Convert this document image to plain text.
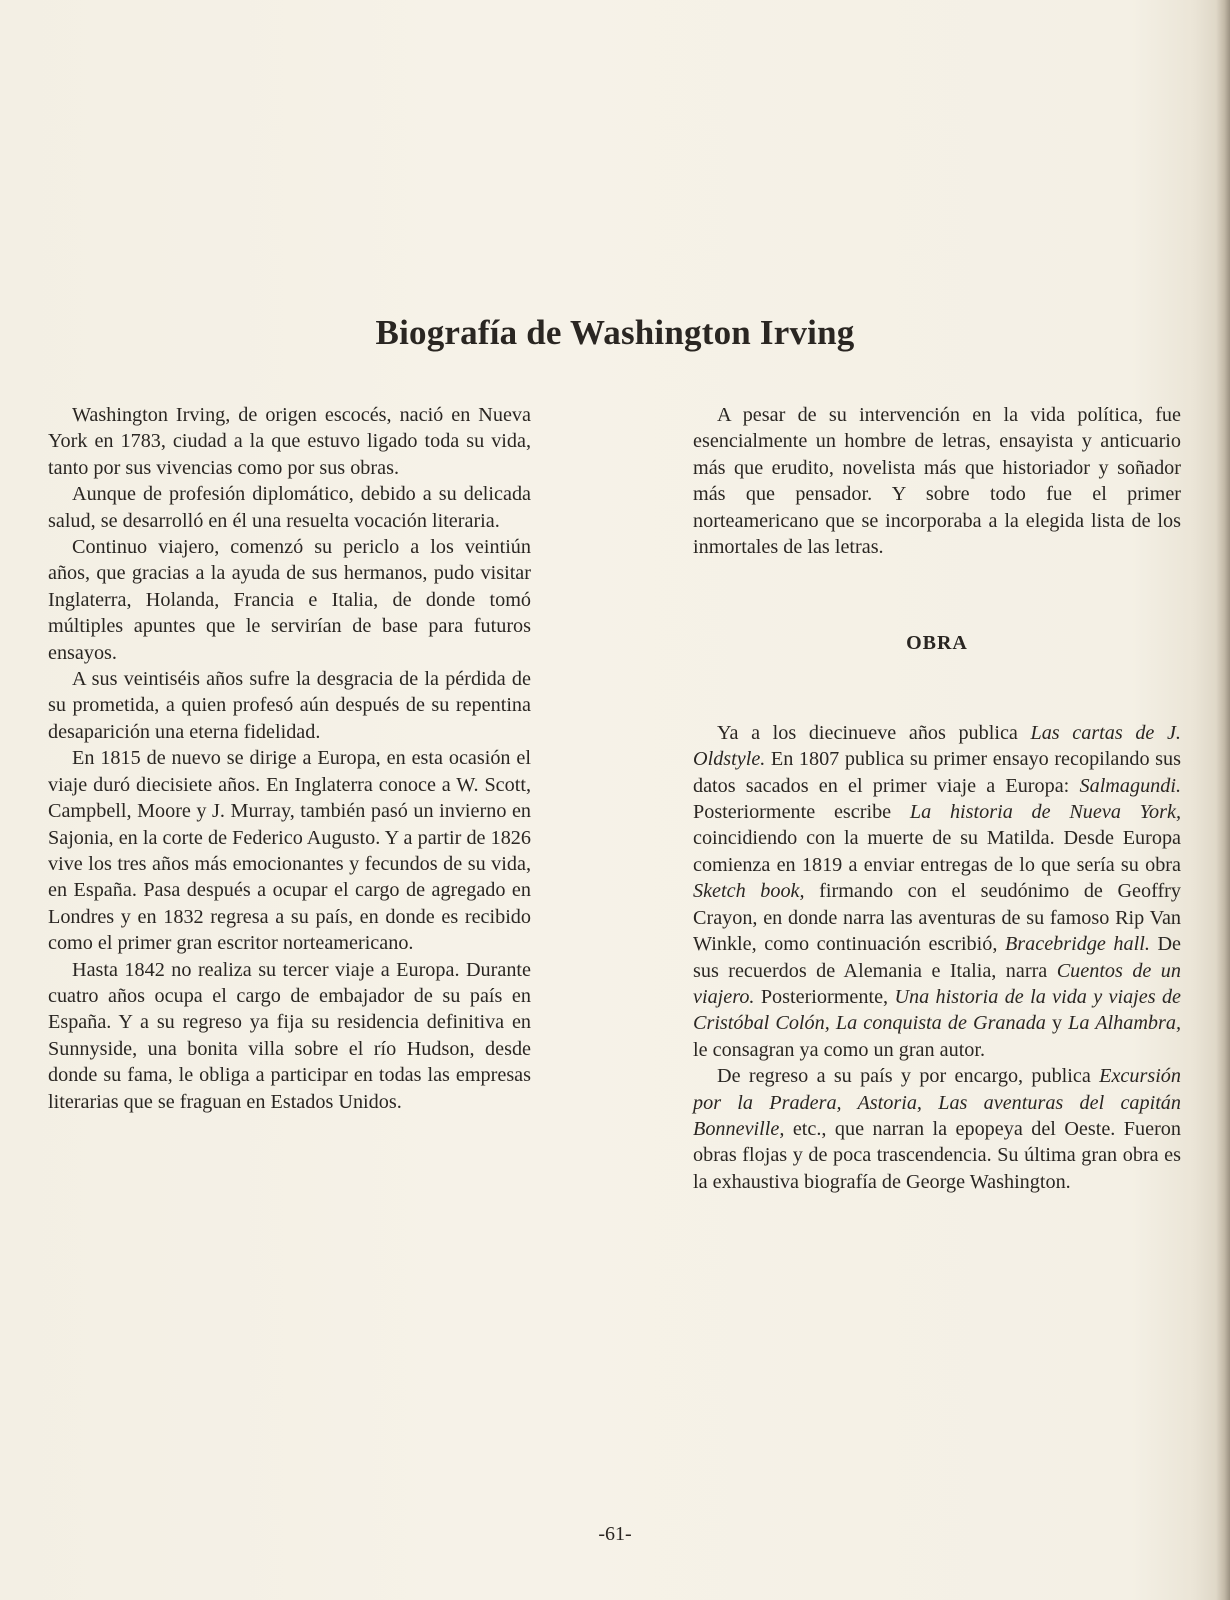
Biografía de Washington Irving

Washington Irving, de origen escocés, nació en Nueva York en 1783, ciudad a la que estuvo ligado toda su vida, tanto por sus vivencias como por sus obras.

Aunque de profesión diplomático, debido a su delicada salud, se desarrolló en él una resuelta vocación literaria.

Continuo viajero, comenzó su periclo a los veintiún años, que gracias a la ayuda de sus hermanos, pudo visitar Inglaterra, Holanda, Francia e Italia, de donde tomó múltiples apuntes que le servirían de base para futuros ensayos.

A sus veintiséis años sufre la desgracia de la pérdida de su prometida, a quien profesó aún después de su repentina desaparición una eterna fidelidad.

En 1815 de nuevo se dirige a Europa, en esta ocasión el viaje duró diecisiete años. En Inglaterra conoce a W. Scott, Campbell, Moore y J. Murray, también pasó un invierno en Sajonia, en la corte de Federico Augusto. Y a partir de 1826 vive los tres años más emocionantes y fecundos de su vida, en España. Pasa después a ocupar el cargo de agregado en Londres y en 1832 regresa a su país, en donde es recibido como el primer gran escritor norteamericano.

Hasta 1842 no realiza su tercer viaje a Europa. Durante cuatro años ocupa el cargo de embajador de su país en España. Y a su regreso ya fija su residencia definitiva en Sunnyside, una bonita villa sobre el río Hudson, desde donde su fama, le obliga a participar en todas las empresas literarias que se fraguan en Estados Unidos.

A pesar de su intervención en la vida política, fue esencialmente un hombre de letras, ensayista y anticuario más que erudito, novelista más que historiador y soñador más que pensador. Y sobre todo fue el primer norteamericano que se incorporaba a la elegida lista de los inmortales de las letras.

OBRA

Ya a los diecinueve años publica Las cartas de J. Oldstyle. En 1807 publica su primer ensayo recopilando sus datos sacados en el primer viaje a Europa: Salmagundi. Posteriormente escribe La historia de Nueva York, coincidiendo con la muerte de su Matilda. Desde Europa comienza en 1819 a enviar entregas de lo que sería su obra Sketch book, firmando con el seudónimo de Geoffry Crayon, en donde narra las aventuras de su famoso Rip Van Winkle, como continuación escribió, Bracebridge hall. De sus recuerdos de Alemania e Italia, narra Cuentos de un viajero. Posteriormente, Una historia de la vida y viajes de Cristóbal Colón, La conquista de Granada y La Alhambra, le consagran ya como un gran autor.

De regreso a su país y por encargo, publica Excursión por la Pradera, Astoria, Las aventuras del capitán Bonneville, etc., que narran la epopeya del Oeste. Fueron obras flojas y de poca trascendencia. Su última gran obra es la exhaustiva biografía de George Washington.

-61-
